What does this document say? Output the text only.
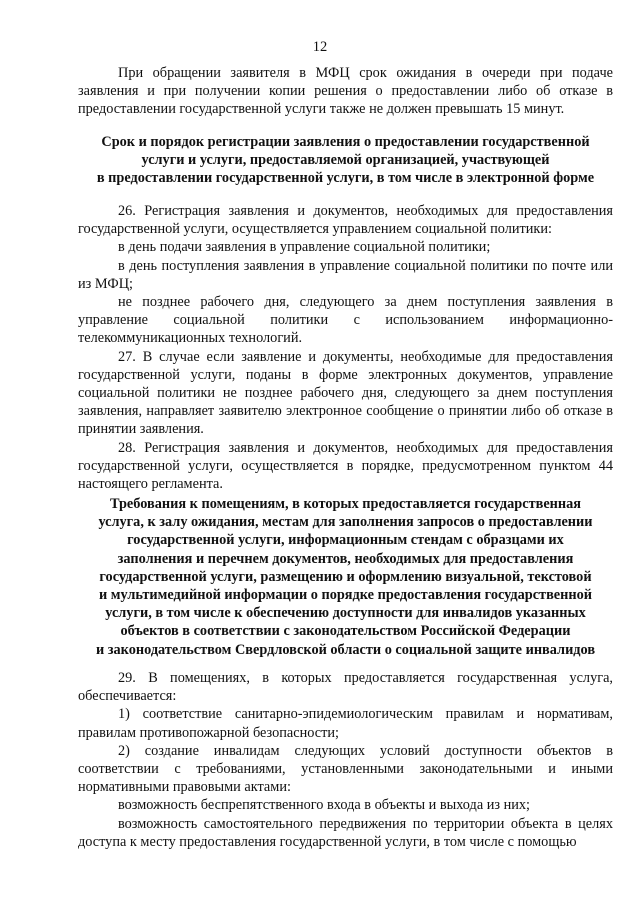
12

При обращении заявителя в МФЦ срок ожидания в очереди при подаче заявления и при получении копии решения о предоставлении либо об отказе в предоставлении государственной услуги также не должен превышать 15 минут.

Срок и порядок регистрации заявления о предоставлении государственной
услуги и услуги, предоставляемой организацией, участвующей
в предоставлении государственной услуги, в том числе в электронной форме

26. Регистрация заявления и документов, необходимых для предоставления государственной услуги, осуществляется управлением социальной политики:

в день подачи заявления в управление социальной политики;

в день поступления заявления в управление социальной политики по почте или из МФЦ;

не позднее рабочего дня, следующего за днем поступления заявления в управление социальной политики с использованием информационно-телекоммуникационных технологий.

27. В случае если заявление и документы, необходимые для предоставления государственной услуги, поданы в форме электронных документов, управление социальной политики не позднее рабочего дня, следующего за днем поступления заявления, направляет заявителю электронное сообщение о принятии либо об отказе в принятии заявления.

28. Регистрация заявления и документов, необходимых для предоставления государственной услуги, осуществляется в порядке, предусмотренном пунктом 44 настоящего регламента.

Требования к помещениям, в которых предоставляется государственная
услуга, к залу ожидания, местам для заполнения запросов о предоставлении
государственной услуги, информационным стендам с образцами их
заполнения и перечнем документов, необходимых для предоставления
государственной услуги, размещению и оформлению визуальной, текстовой
и мультимедийной информации о порядке предоставления государственной
услуги, в том числе к обеспечению доступности для инвалидов указанных
объектов в соответствии с законодательством Российской Федерации
и законодательством Свердловской области о социальной защите инвалидов

29. В помещениях, в которых предоставляется государственная услуга, обеспечивается:

1) соответствие санитарно-эпидемиологическим правилам и нормативам, правилам противопожарной безопасности;

2) создание инвалидам следующих условий доступности объектов в соответствии с требованиями, установленными законодательными и иными нормативными правовыми актами:

возможность беспрепятственного входа в объекты и выхода из них;

возможность самостоятельного передвижения по территории объекта в целях доступа к месту предоставления государственной услуги, в том числе с помощью
